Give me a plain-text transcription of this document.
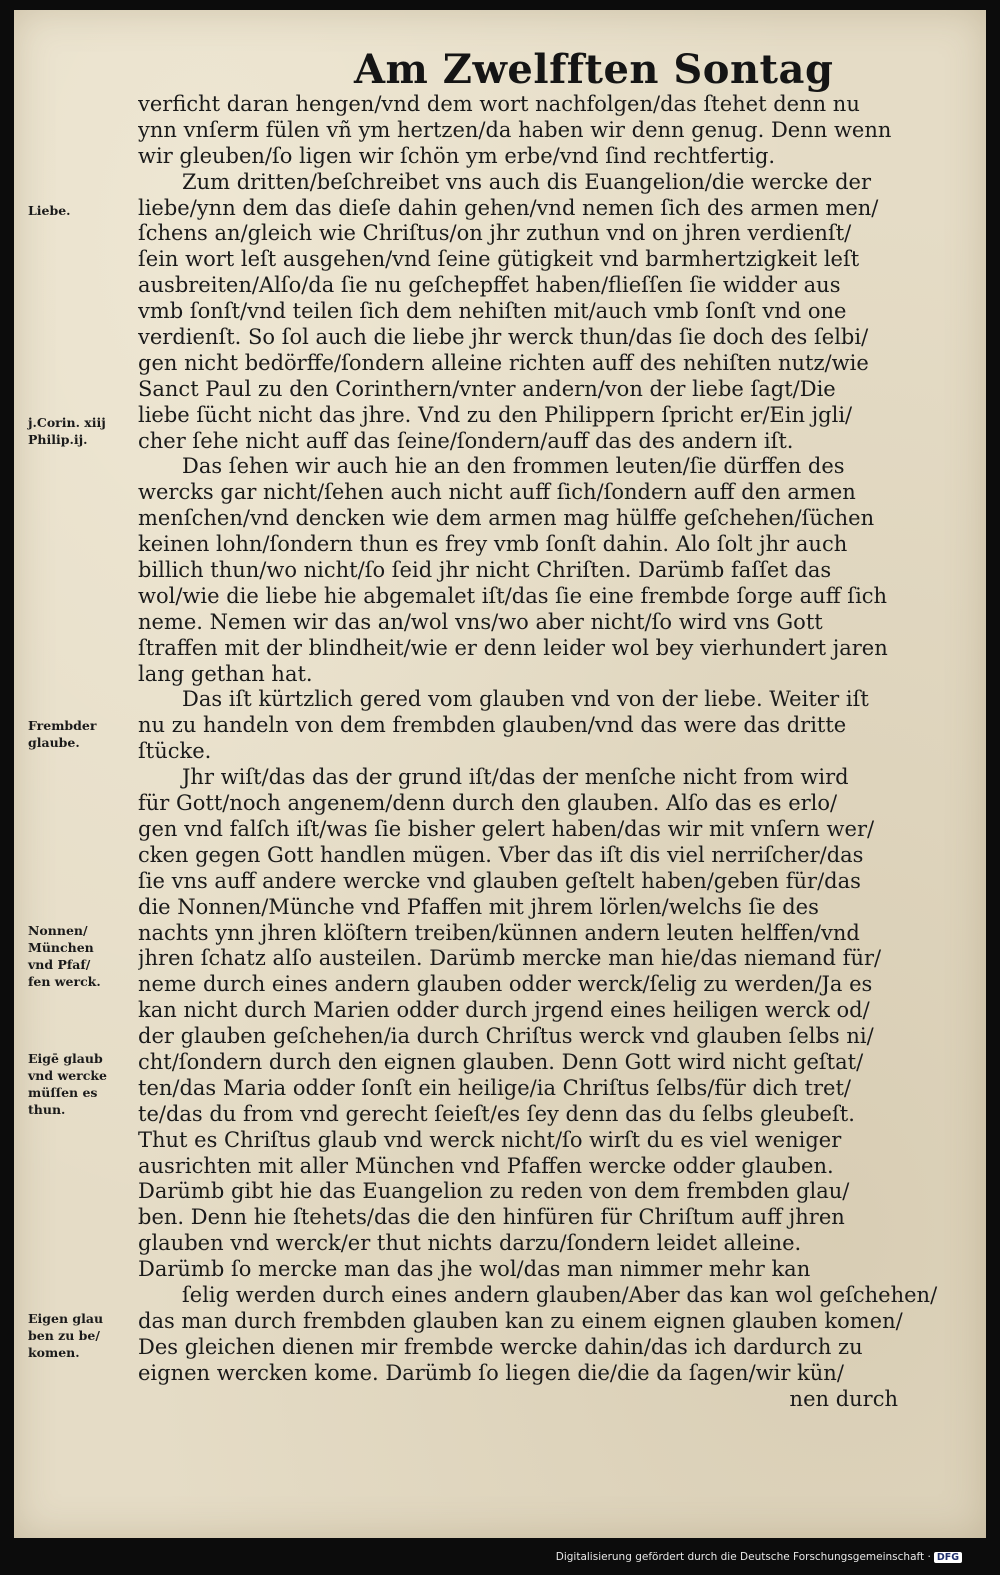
Am Zwelfften Sontag
verficht daran hengen/vnd dem wort nachfolgen/das ſtehet denn nu
ynn vnſerm fülen vñ ym hertzen/da haben wir denn genug. Denn wenn
wir gleuben/ſo ligen wir ſchön ym erbe/vnd ſind rechtfertig.
Zum dritten/beſchreibet vns auch dis Euangelion/die wercke der
liebe/ynn dem das dieſe dahin gehen/vnd nemen ſich des armen men/
ſchens an/gleich wie Chriſtus/on jhr zuthun vnd on jhren verdienſt/
ſein wort leſt ausgehen/vnd ſeine gütigkeit vnd barmhertzigkeit leſt
ausbreiten/Alſo/da ſie nu geſchepffet haben/flieſſen ſie widder aus
vmb ſonſt/vnd teilen ſich dem nehiſten mit/auch vmb ſonſt vnd one
verdienſt. So ſol auch die liebe jhr werck thun/das ſie doch des ſelbi/
gen nicht bedörffe/ſondern alleine richten auff des nehiſten nutz/wie
Sanct Paul zu den Corinthern/vnter andern/von der liebe ſagt/Die
liebe ſücht nicht das jhre. Vnd zu den Philippern ſpricht er/Ein jgli/
cher ſehe nicht auff das ſeine/ſondern/auff das des andern iſt.
Das ſehen wir auch hie an den frommen leuten/ſie dürffen des
wercks gar nicht/ſehen auch nicht auff ſich/ſondern auff den armen
menſchen/vnd dencken wie dem armen mag hülffe geſchehen/ſüchen
keinen lohn/ſondern thun es frey vmb ſonſt dahin. Alo ſolt jhr auch
billich thun/wo nicht/ſo ſeid jhr nicht Chriſten. Darümb faſſet das
wol/wie die liebe hie abgemalet iſt/das ſie eine frembde ſorge auff ſich
neme. Nemen wir das an/wol vns/wo aber nicht/ſo wird vns Gott
ſtraffen mit der blindheit/wie er denn leider wol bey vierhundert jaren
lang gethan hat.
Das iſt kürtzlich gered vom glauben vnd von der liebe. Weiter iſt
nu zu handeln von dem frembden glauben/vnd das were das dritte
ſtücke.
Jhr wiſt/das das der grund iſt/das der menſche nicht from wird
für Gott/noch angenem/denn durch den glauben. Alſo das es erlo/
gen vnd falſch iſt/was ſie bisher gelert haben/das wir mit vnſern wer/
cken gegen Gott handlen mügen. Vber das iſt dis viel nerriſcher/das
ſie vns auff andere wercke vnd glauben geſtelt haben/geben für/das
die Nonnen/Münche vnd Pfaffen mit jhrem lörlen/welchs ſie des
nachts ynn jhren klöſtern treiben/künnen andern leuten helffen/vnd
jhren ſchatz alſo austeilen. Darümb mercke man hie/das niemand für/
neme durch eines andern glauben odder werck/ſelig zu werden/Ja es
kan nicht durch Marien odder durch jrgend eines heiligen werck od/
der glauben geſchehen/ia durch Chriſtus werck vnd glauben ſelbs ni/
cht/ſondern durch den eignen glauben. Denn Gott wird nicht geſtat/
ten/das Maria odder ſonſt ein heilige/ia Chriſtus ſelbs/für dich tret/
te/das du from vnd gerecht ſeieſt/es ſey denn das du ſelbs gleubeſt.
Thut es Chriſtus glaub vnd werck nicht/ſo wirſt du es viel weniger
ausrichten mit aller München vnd Pfaffen wercke odder glauben.
Darümb gibt hie das Euangelion zu reden von dem frembden glau/
ben. Denn hie ſtehets/das die den hinfüren für Chriſtum auff jhren
glauben vnd werck/er thut nichts darzu/ſondern leidet alleine.
Darümb ſo mercke man das jhe wol/das man nimmer mehr kan
ſelig werden durch eines andern glauben/Aber das kan wol geſchehen/
das man durch frembden glauben kan zu einem eignen glauben komen/
Des gleichen dienen mir frembde wercke dahin/das ich dardurch zu
eignen wercken kome. Darümb ſo liegen die/die da ſagen/wir kün/
nen durch
Liebe.
j.Corin. xiij
Philip.ij.
Frembder
glaube.
Nonnen/
München
vnd Pfaf/
fen werck.
Eigē glaub
vnd wercke
müſſen es
thun.
Eigen glau
ben zu be/
komen.
Digitalisierung gefördert durch die Deutsche Forschungsgemeinschaft · DFG
